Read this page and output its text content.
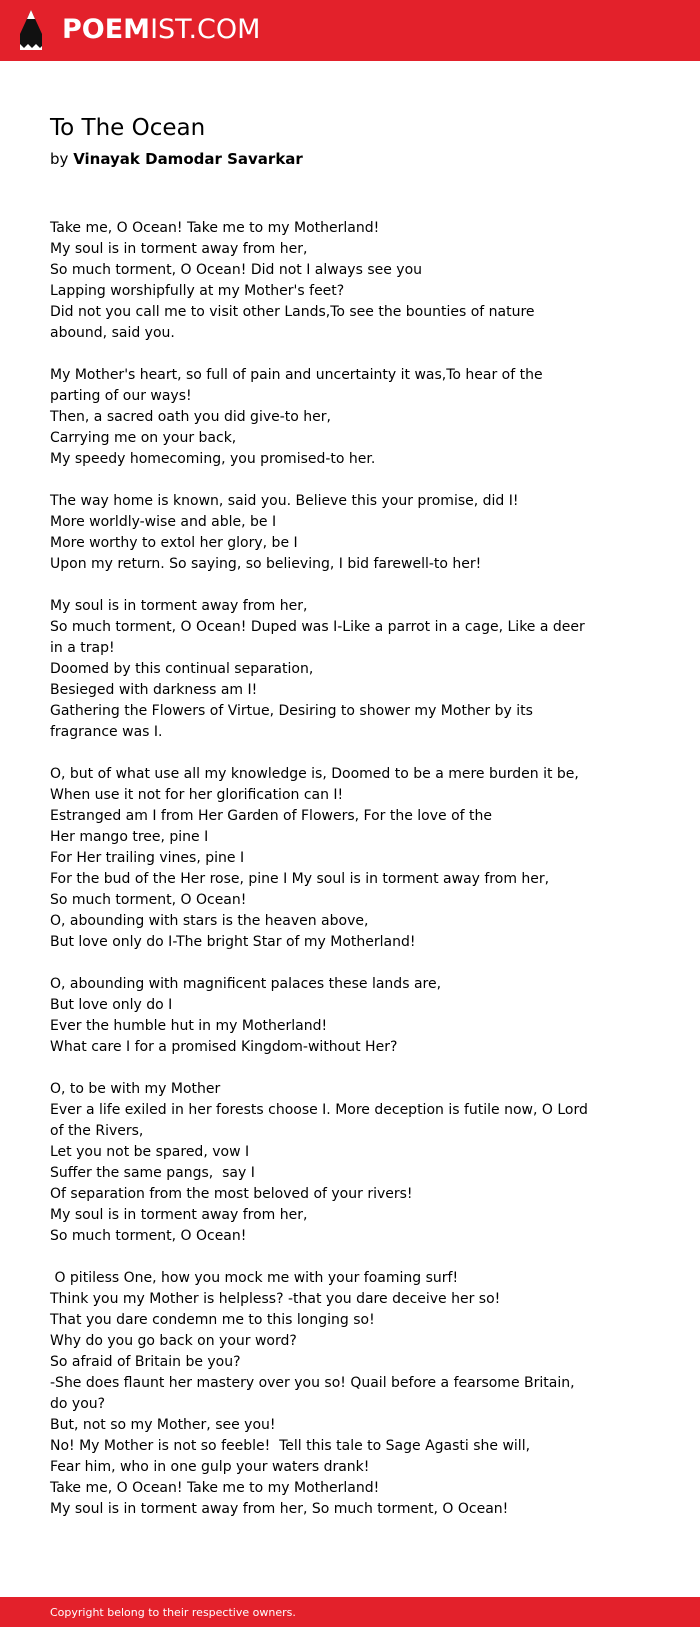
POEMIST.COM
To The Ocean
by Vinayak Damodar Savarkar
Take me, O Ocean! Take me to my Motherland!
My soul is in torment away from her,
So much torment, O Ocean! Did not I always see you
Lapping worshipfully at my Mother's feet?
Did not you call me to visit other Lands,To see the bounties of nature abound, said you.
My Mother's heart, so full of pain and uncertainty it was,To hear of the parting of our ways!
Then, a sacred oath you did give-to her,
Carrying me on your back,
My speedy homecoming, you promised-to her.
The way home is known, said you. Believe this your promise, did I!
More worldly-wise and able, be I
More worthy to extol her glory, be I
Upon my return. So saying, so believing, I bid farewell-to her!
My soul is in torment away from her,
So much torment, O Ocean! Duped was I-Like a parrot in a cage, Like a deer in a trap!
Doomed by this continual separation,
Besieged with darkness am I!
Gathering the Flowers of Virtue, Desiring to shower my Mother by its fragrance was I.
O, but of what use all my knowledge is, Doomed to be a mere burden it be,
When use it not for her glorification can I!
Estranged am I from Her Garden of Flowers, For the love of the
Her mango tree, pine I
For Her trailing vines, pine I
For the bud of the Her rose, pine I My soul is in torment away from her,
So much torment, O Ocean!
O, abounding with stars is the heaven above,
But love only do I-The bright Star of my Motherland!
O, abounding with magnificent palaces these lands are,
But love only do I
Ever the humble hut in my Motherland!
What care I for a promised Kingdom-without Her?
O, to be with my Mother
Ever a life exiled in her forests choose I. More deception is futile now, O Lord of the Rivers,
Let you not be spared, vow I
Suffer the same pangs,  say I
Of separation from the most beloved of your rivers!
My soul is in torment away from her,
So much torment, O Ocean!
O pitiless One, how you mock me with your foaming surf!
Think you my Mother is helpless? -that you dare deceive her so!
That you dare condemn me to this longing so!
Why do you go back on your word?
So afraid of Britain be you?
-She does flaunt her mastery over you so! Quail before a fearsome Britain, do you?
But, not so my Mother, see you!
No! My Mother is not so feeble!  Tell this tale to Sage Agasti she will,
Fear him, who in one gulp your waters drank!
Take me, O Ocean! Take me to my Motherland!
My soul is in torment away from her, So much torment, O Ocean!
Copyright belong to their respective owners.
